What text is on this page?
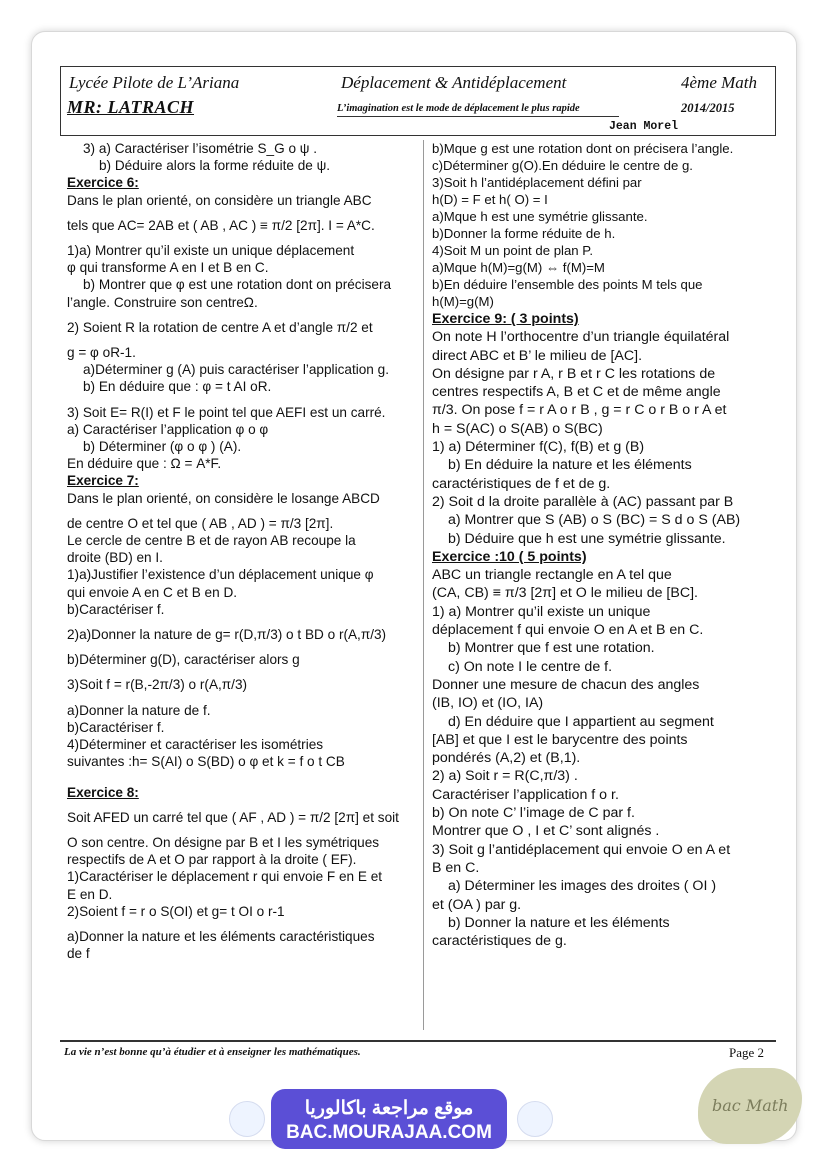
Lycée Pilote de L’Ariana	Déplacement & Antidéplacement	4ème Math
MR: LATRACH	L’imagination est le mode de déplacement le plus rapide	2014/2015
Jean Morel
3) a) Caractériser l’isométrie S_G o ψ .
b) Déduire alors la forme réduite de ψ.
Exercice 6:
Dans le plan orienté, on considère un triangle ABC
tels que AC= 2AB et ( AB , AC ) ≡ π/2 [2π]. I = A*C.
1)a) Montrer qu’il existe un unique déplacement
φ qui transforme A en I et B en C.
b) Montrer que φ est une rotation dont on précisera
l’angle. Construire son centreΩ.
2) Soient R la rotation de centre A et d’angle π/2 et
g = φ oR-1.
a)Déterminer g (A) puis caractériser l’application g.
b) En déduire que : φ = t AI oR.
3) Soit E= R(I) et F le point tel que AEFI est un carré.
a) Caractériser l’application φ o φ
b) Déterminer (φ o φ ) (A).
En déduire que : Ω = A*F.
Exercice 7:
Dans le plan orienté, on considère le losange ABCD
de centre O et tel que ( AB , AD ) = π/3 [2π].
Le cercle de centre B et de rayon AB recoupe la
droite (BD) en I.
1)a)Justifier l’existence d’un déplacement unique φ
qui envoie A en C et B en D.
b)Caractériser f.
2)a)Donner la nature de g= r(D,π/3) o t BD o r(A,π/3)
b)Déterminer g(D), caractériser alors g
3)Soit f = r(B,-2π/3) o r(A,π/3)
a)Donner la nature de f.
b)Caractériser f.
4)Déterminer et caractériser les isométries
suivantes :h= S(AI) o S(BD) o φ et k = f o t CB
Exercice 8:
Soit AFED un carré tel que ( AF , AD ) = π/2 [2π] et soit
O son centre. On désigne par B et I les symétriques
respectifs de A et O par rapport à la droite ( EF).
1)Caractériser le déplacement r qui envoie F en E et
E en D.
2)Soient f = r o S(OI) et g= t OI o r-1
a)Donner la nature et les éléments caractéristiques
de f
b)Mque g est une rotation dont on précisera l’angle.
c)Déterminer g(O).En déduire le centre de g.
3)Soit h l’antidéplacement défini par
h(D) = F et h( O) = I
a)Mque h est une symétrie glissante.
b)Donner la forme réduite de h.
4)Soit M un point de plan P.
a)Mque h(M)=g(M) ⇔ f(M)=M
b)En déduire l’ensemble des points M tels que
h(M)=g(M)
Exercice 9: ( 3 points)
On note H l’orthocentre d’un triangle équilatéral
direct ABC et B’ le milieu de [AC].
On désigne par r A, r B et r C les rotations de
centres respectifs A, B et C et de même angle
π/3. On pose f = r A o r B , g = r C o r B o r A et
h = S(AC) o S(AB) o S(BC)
1) a) Déterminer f(C), f(B) et g (B)
b) En déduire la nature et les éléments
caractéristiques de f et de g.
2) Soit d la droite parallèle à (AC) passant par B
a) Montrer que S (AB) o S (BC) = S d o S (AB)
b) Déduire que h est une symétrie glissante.
Exercice :10 ( 5 points)
ABC un triangle rectangle en A tel que
(CA, CB) ≡ π/3 [2π] et O le milieu de [BC].
1) a) Montrer qu’il existe un unique
déplacement f qui envoie O en A et B en C.
b) Montrer que f est une rotation.
c) On note I le centre de f.
Donner une mesure de chacun des angles
(IB, IO) et (IO, IA)
d) En déduire que I appartient au segment
[AB] et que I est le barycentre des points
pondérés (A,2) et (B,1).
2) a) Soit r = R(C,π/3) .
Caractériser l’application f o r.
b) On note C’ l’image de C par f.
Montrer que O , I et C’ sont alignés .
3) Soit g l’antidéplacement qui envoie O en A et
B en C.
a) Déterminer les images des droites ( OI )
et (OA ) par g.
b) Donner la nature et les éléments
caractéristiques de g.
La vie n’est bonne qu’à étudier et à enseigner les mathématiques.	Page 2
موقع مراجعة باكالوريا
BAC.MOURAJAA.COM
bac Math
